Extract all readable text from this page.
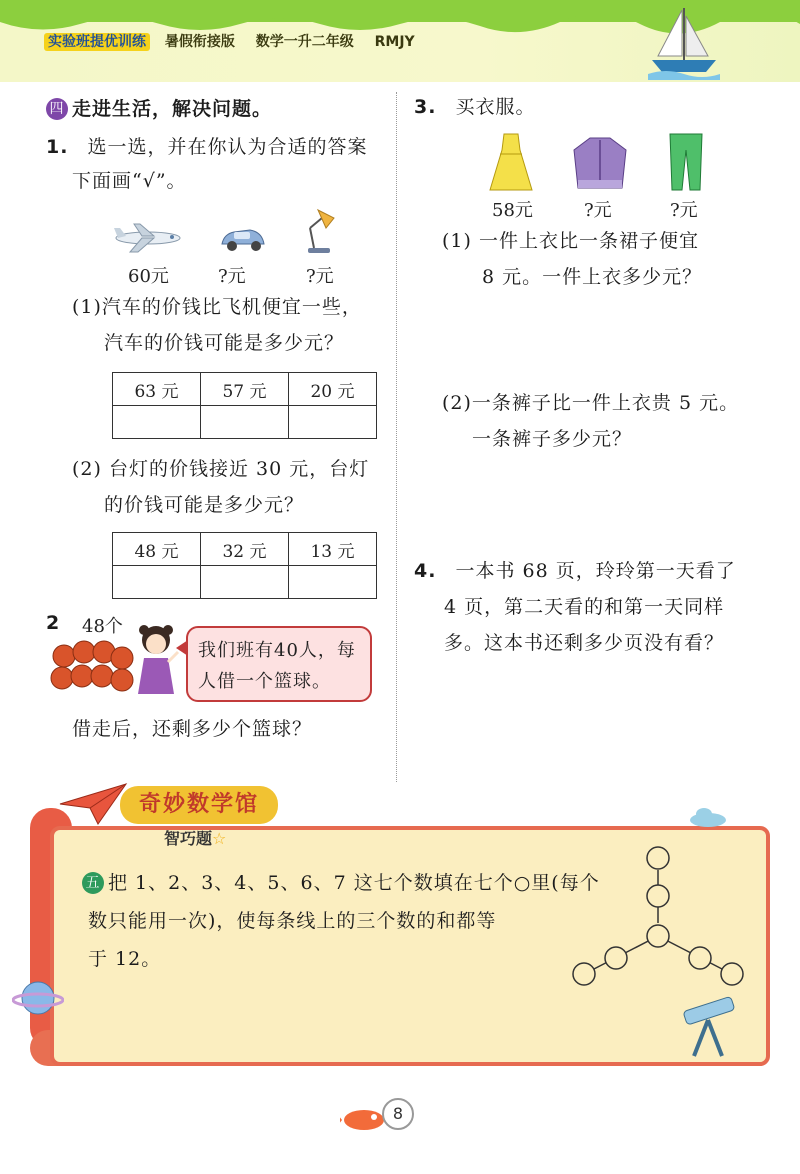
实验班提优训练 暑假衔接版 数学一升二年级 RMJY
四 走进生活，解决问题。
1. 选一选，并在你认为合适的答案
下面画“√”。
60元	?元	?元
(1)汽车的价钱比飞机便宜一些，
汽车的价钱可能是多少元？
63 元	57 元	20 元

(2) 台灯的价钱接近 30 元，台灯
的价钱可能是多少元？
48 元	32 元	13 元

2 48个
我们班有40人，每人借一个篮球。
借走后，还剩多少个篮球？
3. 买衣服。
58元	?元	?元
(1) 一件上衣比一条裙子便宜
8 元。一件上衣多少元？
(2)一条裤子比一件上衣贵 5 元。
一条裤子多少元？
4. 一本书 68 页，玲玲第一天看了
4 页，第二天看的和第一天同样
多。这本书还剩多少页没有看？
奇妙数学馆
智巧题☆
五 把 1、2、3、4、5、6、7 这七个数填在七个○里(每个
数只能用一次)，使每条线上的三个数的和都等
于 12。
8
